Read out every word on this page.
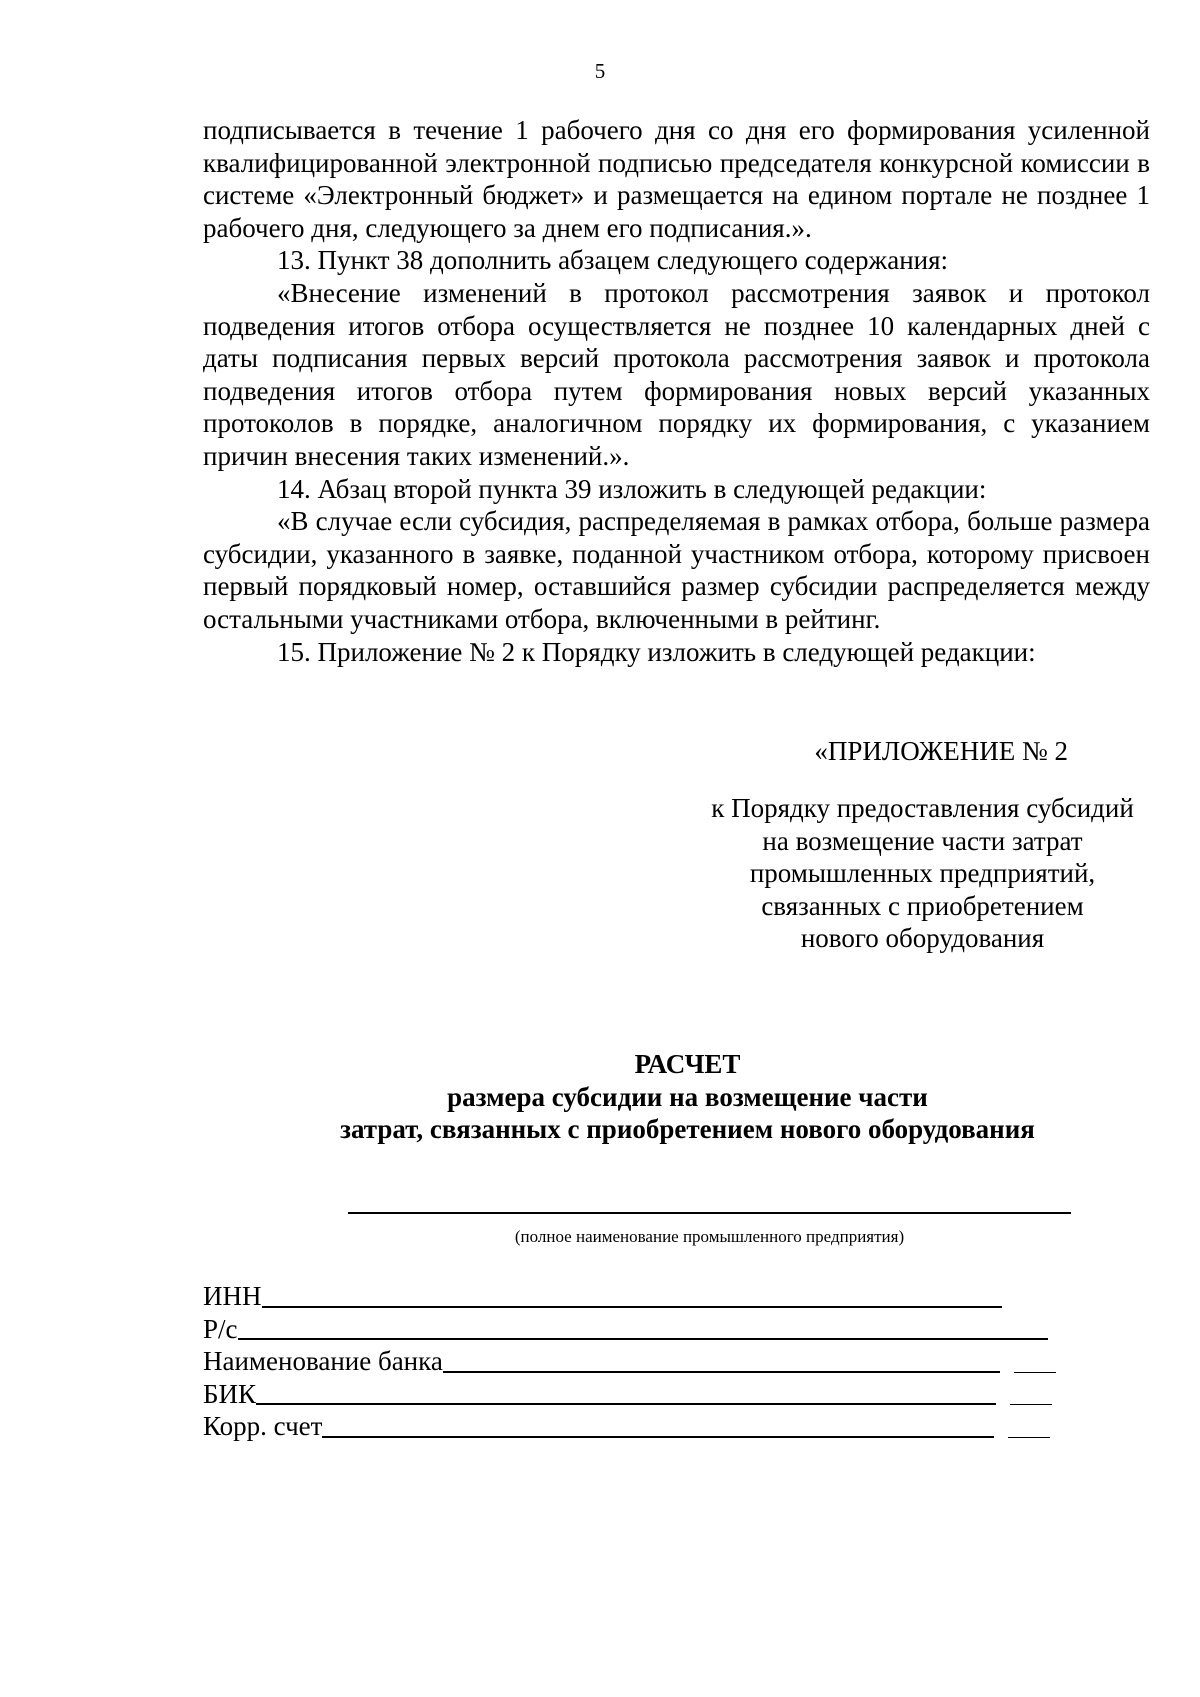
5

подписывается в течение 1 рабочего дня со дня его формирования усиленной квалифицированной электронной подписью председателя конкурсной комиссии в системе «Электронный бюджет» и размещается на едином портале не позднее 1 рабочего дня, следующего за днем его подписания.».

13. Пункт 38 дополнить абзацем следующего содержания:

«Внесение изменений в протокол рассмотрения заявок и протокол подведения итогов отбора осуществляется не позднее 10 календарных дней с даты подписания первых версий протокола рассмотрения заявок и протокола подведения итогов отбора путем формирования новых версий указанных протоколов в порядке, аналогичном порядку их формирования, с указанием причин внесения таких изменений.».

14. Абзац второй пункта 39 изложить в следующей редакции:

«В случае если субсидия, распределяемая в рамках отбора, больше размера субсидии, указанного в заявке, поданной участником отбора, которому присвоен первый порядковый номер, оставшийся размер субсидии распределяется между остальными участниками отбора, включенными в рейтинг.

15. Приложение № 2 к Порядку изложить в следующей редакции:

«ПРИЛОЖЕНИЕ № 2
к Порядку предоставления субсидий
на возмещение части затрат
промышленных предприятий,
связанных с приобретением
нового оборудования
РАСЧЕТ
размера субсидии на возмещение части
затрат, связанных с приобретением нового оборудования
(полное наименование промышленного предприятия)
ИНН
Р/с
Наименование банка
БИК
Корр. счет
